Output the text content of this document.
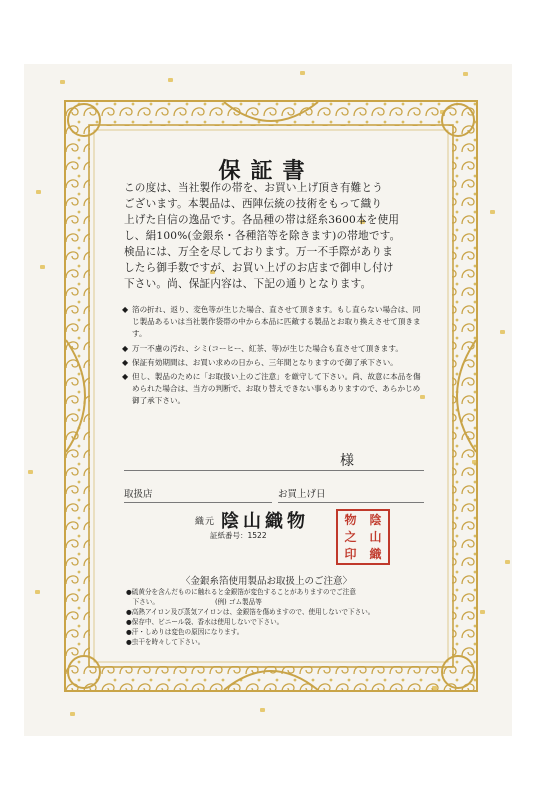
保証書

この度は、当社製作の帯を、お買い上げ頂き有難とう

ございます。本製品は、西陣伝統の技術をもって織り

上げた自信の逸品です。各品種の帯は経糸3600本を使用

し、絹100%(金銀糸・各種箔等を除きます)の帯地です。

検品には、万全を尽しております。万一不手際がありま

したら御手数ですが、お買い上げのお店まで御申し付け

下さい。尚、保証内容は、下記の通りとなります。

◆ 箔の折れ、返り、変色等が生じた場合、直させて頂きます。もし直らない場合は、同じ製品あるいは当社製作袋帯の中から本品に匹敵する製品とお取り換えさせて頂きます。
◆ 万一不慮の汚れ、シミ(コーヒー、紅茶、等)が生じた場合も直させて頂きます。
◆ 保証有効期間は、お買い求めの日から、三年間となりますので御了承下さい。
◆ 但し、製品のために「お取扱い上のご注意」を厳守して下さい。尚、故意に本品を傷められた場合は、当方の判断で、お取り替えできない事もありますので、あらかじめ御了承下さい。
様
取扱店	お買上げ日
$^{織元}$ 陰山織物
証紙番号：1522
物	陰
之	山
印	織
〈金銀糸箔使用製品お取扱上のご注意〉
●硫黄分を含んだものに触れると金銀箔が変色することがありますのでご注意
　下さい。　　　　　　　　　(例) ゴム製品等
●高熱アイロン及び蒸気アイロンは、金銀箔を傷めますので、使用しないで下さい。
●保存中、ビニール袋、香水は使用しないで下さい。
●汗・しめりは変色の原因になります。
●虫干を時々して下さい。
